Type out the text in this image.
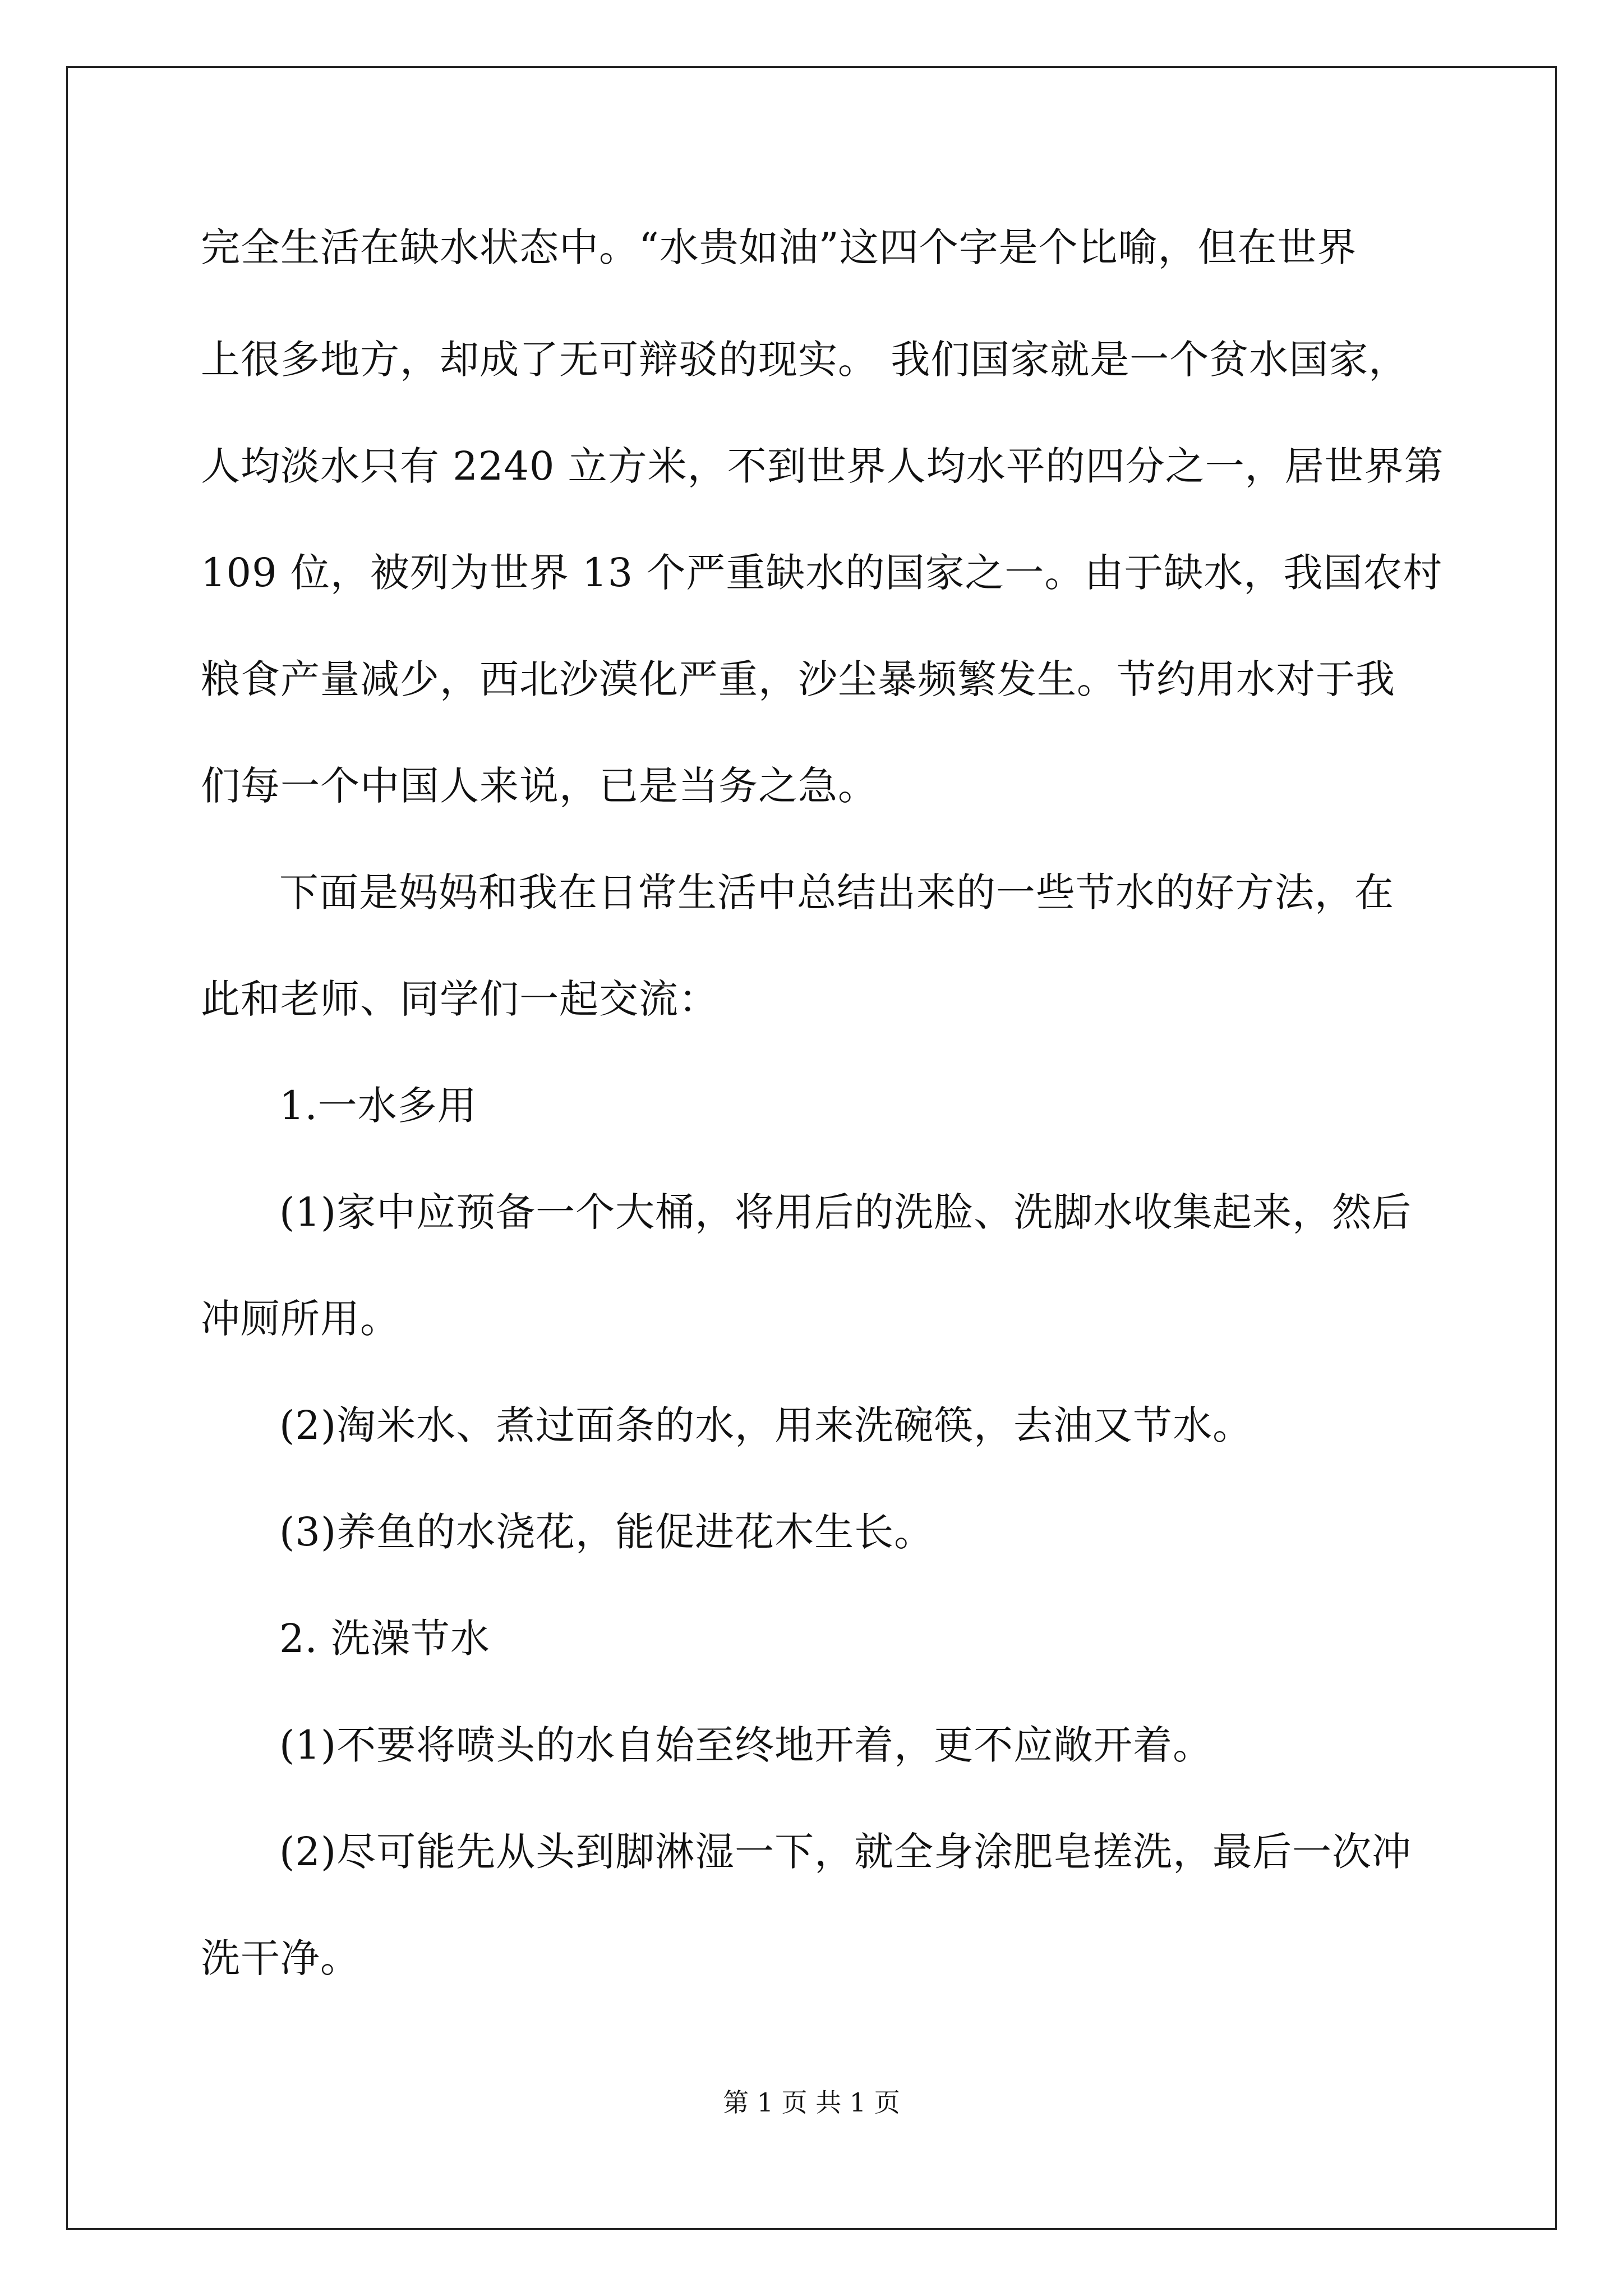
完全生活在缺水状态中。“水贵如油”这四个字是个比喻，但在世界
上很多地方，却成了无可辩驳的现实。 我们国家就是一个贫水国家，
人均淡水只有 2240 立方米，不到世界人均水平的四分之一，居世界第
109 位，被列为世界 13 个严重缺水的国家之一。由于缺水，我国农村
粮食产量减少，西北沙漠化严重，沙尘暴频繁发生。节约用水对于我
们每一个中国人来说，已是当务之急。
下面是妈妈和我在日常生活中总结出来的一些节水的好方法，在
此和老师、同学们一起交流：
1.一水多用
(1)家中应预备一个大桶，将用后的洗脸、洗脚水收集起来，然后
冲厕所用。
(2)淘米水、煮过面条的水，用来洗碗筷，去油又节水。
(3)养鱼的水浇花，能促进花木生长。
2. 洗澡节水
(1)不要将喷头的水自始至终地开着，更不应敞开着。
(2)尽可能先从头到脚淋湿一下，就全身涂肥皂搓洗，最后一次冲
洗干净。
第 1 页 共 1 页
